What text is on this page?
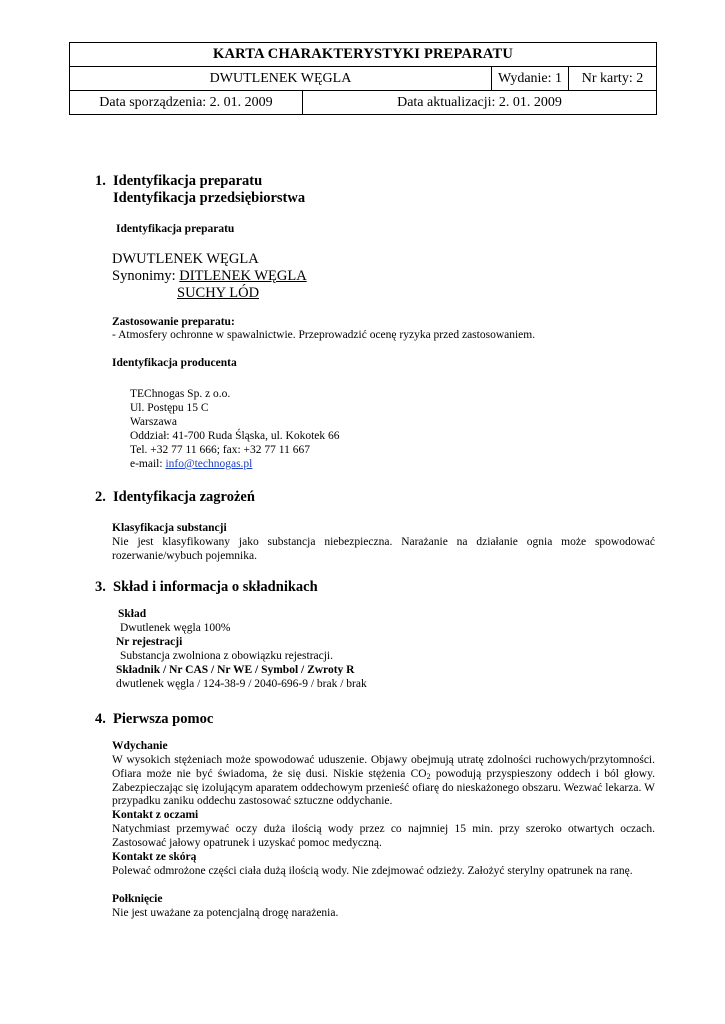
KARTA CHARAKTERYSTYKI PREPARATU
DWUTLENEK WĘGLA	Wydanie: 1	Nr karty: 2
Data sporządzenia: 2. 01. 2009	Data aktualizacji: 2. 01. 2009
1. Identyfikacja preparatu
Identyfikacja przedsiębiorstwa
Identyfikacja preparatu
DWUTLENEK WĘGLA
Synonimy: DITLENEK WĘGLA
SUCHY LÓD
Zastosowanie preparatu:
- Atmosfery ochronne w spawalnictwie. Przeprowadzić ocenę ryzyka przed zastosowaniem.
Identyfikacja producenta
TEChnogas Sp. z o.o.
Ul. Postępu 15 C
Warszawa
Oddział: 41-700 Ruda Śląska, ul. Kokotek 66
Tel. +32 77 11 666; fax: +32 77 11 667
e-mail: info@technogas.pl
2. Identyfikacja zagrożeń
Klasyfikacja substancji
Nie jest klasyfikowany jako substancja niebezpieczna. Narażanie na działanie ognia może spowodować rozerwanie/wybuch pojemnika.
3. Skład i informacja o składnikach
Skład
Dwutlenek węgla 100%
Nr rejestracji
Substancja zwolniona z obowiązku rejestracji.
Składnik / Nr CAS / Nr WE / Symbol / Zwroty R
dwutlenek węgla / 124-38-9 / 2040-696-9 / brak / brak
4. Pierwsza pomoc
Wdychanie
W wysokich stężeniach może spowodować uduszenie. Objawy obejmują utratę zdolności ruchowych/przytomności. Ofiara może nie być świadoma, że się dusi. Niskie stężenia $CO_2$ powodują przyspieszony oddech i ból głowy. Zabezpieczając się izolującym aparatem oddechowym przenieść ofiarę do nieskażonego obszaru. Wezwać lekarza. W przypadku zaniku oddechu zastosować sztuczne oddychanie.
Kontakt z oczami
Natychmiast przemywać oczy duża ilością wody przez co najmniej 15 min. przy szeroko otwartych oczach. Zastosować jałowy opatrunek i uzyskać pomoc medyczną.
Kontakt ze skórą
Polewać odmrożone części ciała dużą ilością wody. Nie zdejmować odzieży. Założyć sterylny opatrunek na ranę.
Połknięcie
Nie jest uważane za potencjalną drogę narażenia.
